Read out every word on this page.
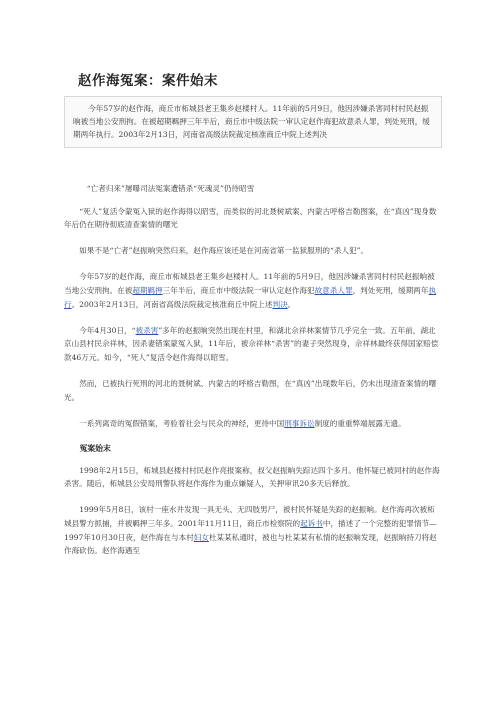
赵作海冤案：案件始末

今年57岁的赵作海，商丘市柘城县老王集乡赵楼村人。11年前的5月9日，他因涉嫌杀害同村村民赵振晌被当地公安刑拘。在被超期羁押三年半后，商丘市中级法院一审认定赵作海犯故意杀人罪，判处死刑，缓期两年执行。2003年2月13日，河南省高级法院裁定核准商丘中院上述判决

“亡者归来”屡曝司法冤案遭错杀“死魂灵”仍待昭雪

“死人”复活令蒙冤入狱的赵作海得以昭雪，而类似的河北聂树斌案、内蒙古呼格吉勒图案，在“真凶”现身数年后仍在期待彻底清查案情的曙光

如果不是“亡者”赵振晌突然归来，赵作海应该还是在河南省第一监狱服刑的“杀人犯”。

今年57岁的赵作海，商丘市柘城县老王集乡赵楼村人。11年前的5月9日，他因涉嫌杀害同村村民赵振晌被当地公安刑拘。在被超期羁押三年半后，商丘市中级法院一审认定赵作海犯故意杀人罪，判处死刑，缓期两年执行。2003年2月13日，河南省高级法院裁定核准商丘中院上述判决。

今年4月30日，“被杀害”多年的赵振晌突然出现在村里，和湖北佘祥林案情节几乎完全一致。五年前，湖北京山县村民佘祥林，因杀妻错案蒙冤入狱，11年后，被佘祥林“杀害”的妻子突然现身，佘祥林最终获得国家赔偿款46万元。如今，“死人”复活令赵作海得以昭雪。

然而，已被执行死刑的河北的聂树斌、内蒙古的呼格吉勒图，在“真凶”出现数年后，仍未出现清查案情的曙光。

一系列离奇的冤假错案，考验着社会与民众的神经，更待中国刑事诉讼制度的重重弊端展露无遗。

冤案始末

1998年2月15日，柘城县赵楼村村民赵作亮报案称，叔父赵振晌失踪达四个多月。他怀疑已被同村的赵作海杀害。随后，柘城县公安局刑警队将赵作海作为重点嫌疑人，关押审讯20多天后释放。

1999年5月8日，该村一座水井发现一具无头、无四肢男尸，被村民怀疑是失踪的赵振晌。赵作海再次被柘城县警方抓捕，并被羁押三年多。2001年11月11日，商丘市检察院的起诉书中，描述了一个完整的犯罪情节—1997年10月30日夜，赵作海在与本村妇女杜某某私通时，被也与杜某某有私情的赵振晌发现，赵振晌持刀将赵作海砍伤。赵作海遇至
